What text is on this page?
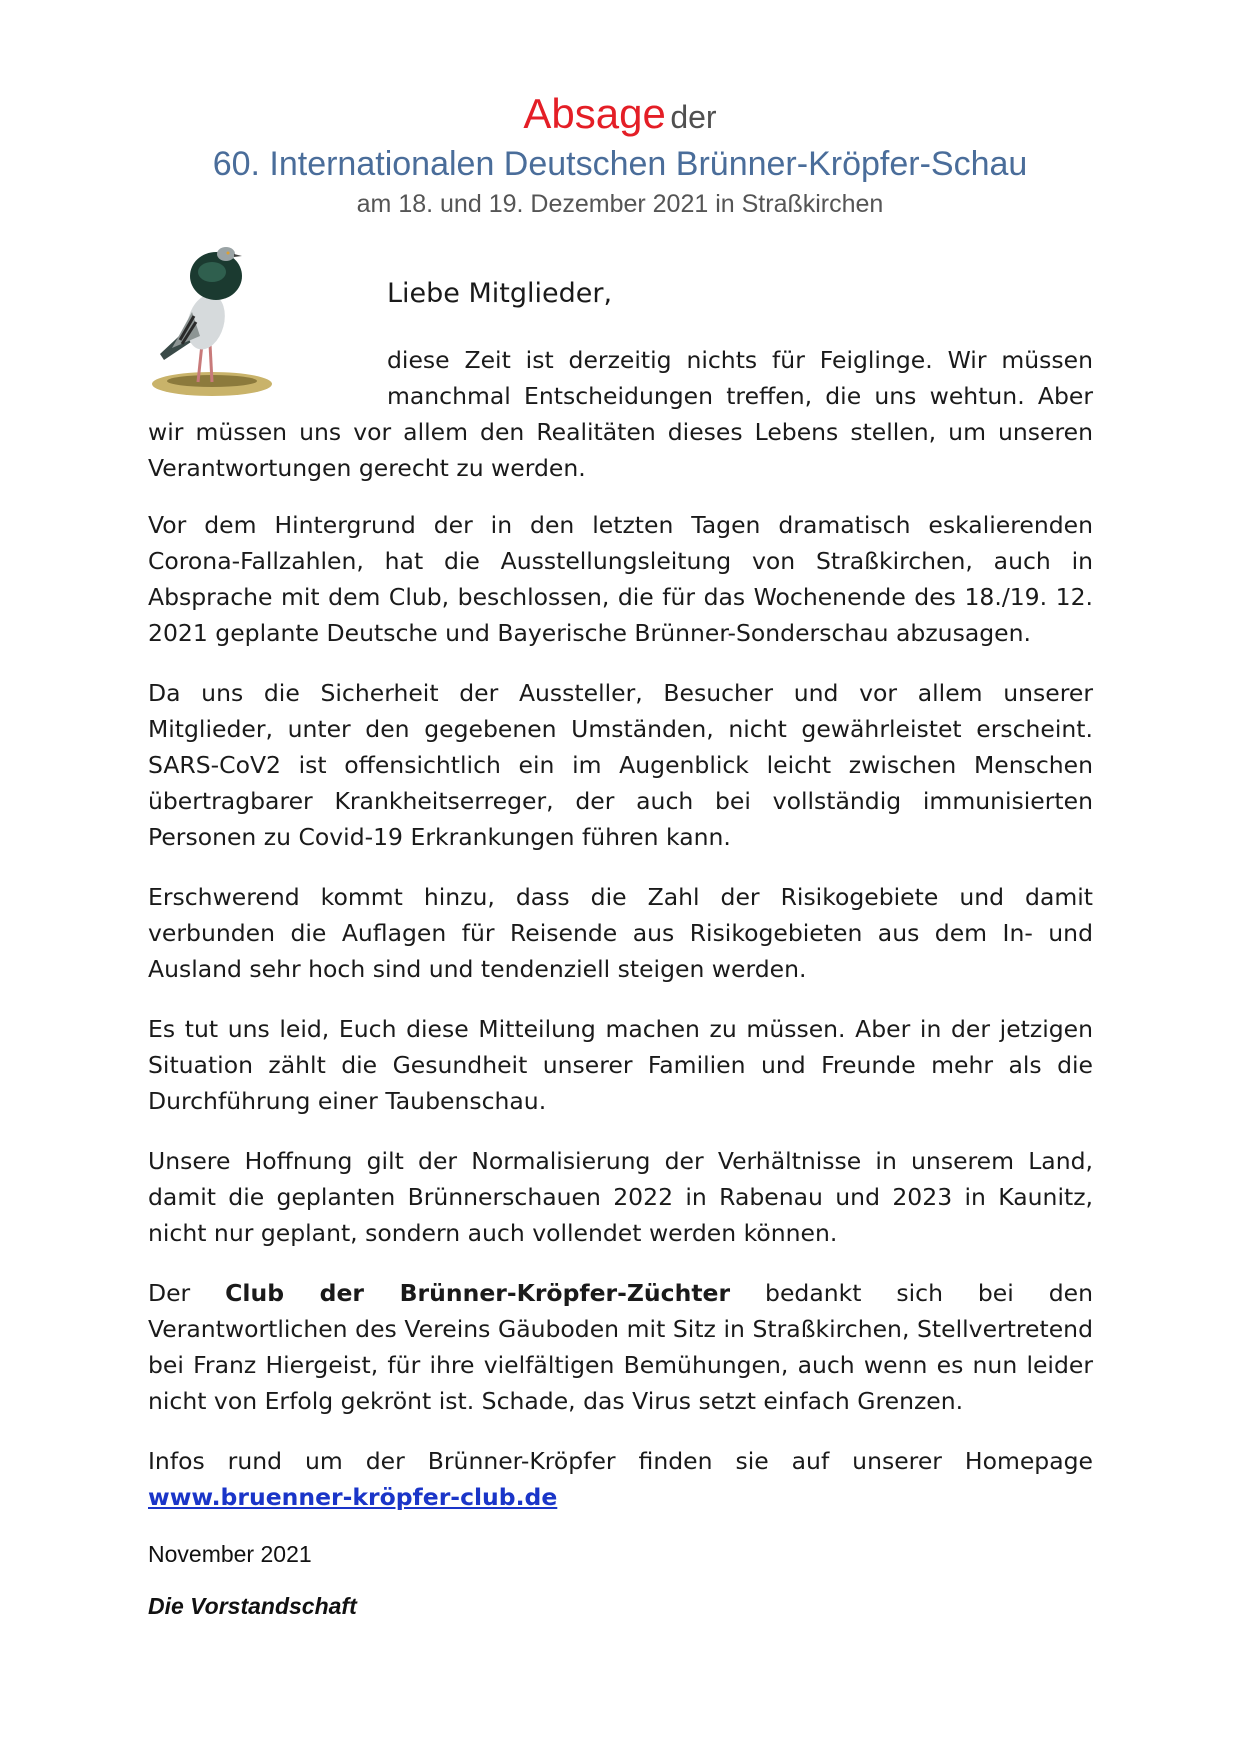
Absage der
60. Internationalen Deutschen Brünner-Kröpfer-Schau
am 18. und 19. Dezember 2021 in Straßkirchen
Liebe Mitglieder,
diese Zeit ist derzeitig nichts für Feiglinge. Wir müssen
manchmal Entscheidungen treffen, die uns wehtun. Aber
wir müssen uns vor allem den Realitäten dieses Lebens stellen, um unseren Verantwortungen gerecht zu werden.

Vor dem Hintergrund der in den letzten Tagen dramatisch eskalierenden Corona-Fallzahlen, hat die Ausstellungsleitung von Straßkirchen, auch in Absprache mit dem Club, beschlossen, die für das Wochenende des 18./19. 12. 2021 geplante Deutsche und Bayerische Brünner-Sonderschau abzusagen.

Da uns die Sicherheit der Aussteller, Besucher und vor allem unserer Mitglieder, unter den gegebenen Umständen, nicht gewährleistet erscheint. SARS-CoV2 ist offensichtlich ein im Augenblick leicht zwischen Menschen übertragbarer Krankheitserreger, der auch bei vollständig immunisierten Personen zu Covid-19 Erkrankungen führen kann.

Erschwerend kommt hinzu, dass die Zahl der Risikogebiete und damit verbunden die Auflagen für Reisende aus Risikogebieten aus dem In- und Ausland sehr hoch sind und tendenziell steigen werden.

Es tut uns leid, Euch diese Mitteilung machen zu müssen. Aber in der jetzigen Situation zählt die Gesundheit unserer Familien und Freunde mehr als die Durchführung einer Taubenschau.

Unsere Hoffnung gilt der Normalisierung der Verhältnisse in unserem Land, damit die geplanten Brünnerschauen 2022 in Rabenau und 2023 in Kaunitz, nicht nur geplant, sondern auch vollendet werden können.

Der Club der Brünner-Kröpfer-Züchter bedankt sich bei den Verantwortlichen des Vereins Gäuboden mit Sitz in Straßkirchen, Stellvertretend bei Franz Hiergeist, für ihre vielfältigen Bemühungen, auch wenn es nun leider nicht von Erfolg gekrönt ist. Schade, das Virus setzt einfach Grenzen.

Infos rund um der Brünner-Kröpfer finden sie auf unserer Homepage
www.bruenner-kröpfer-club.de

November 2021
Die Vorstandschaft
